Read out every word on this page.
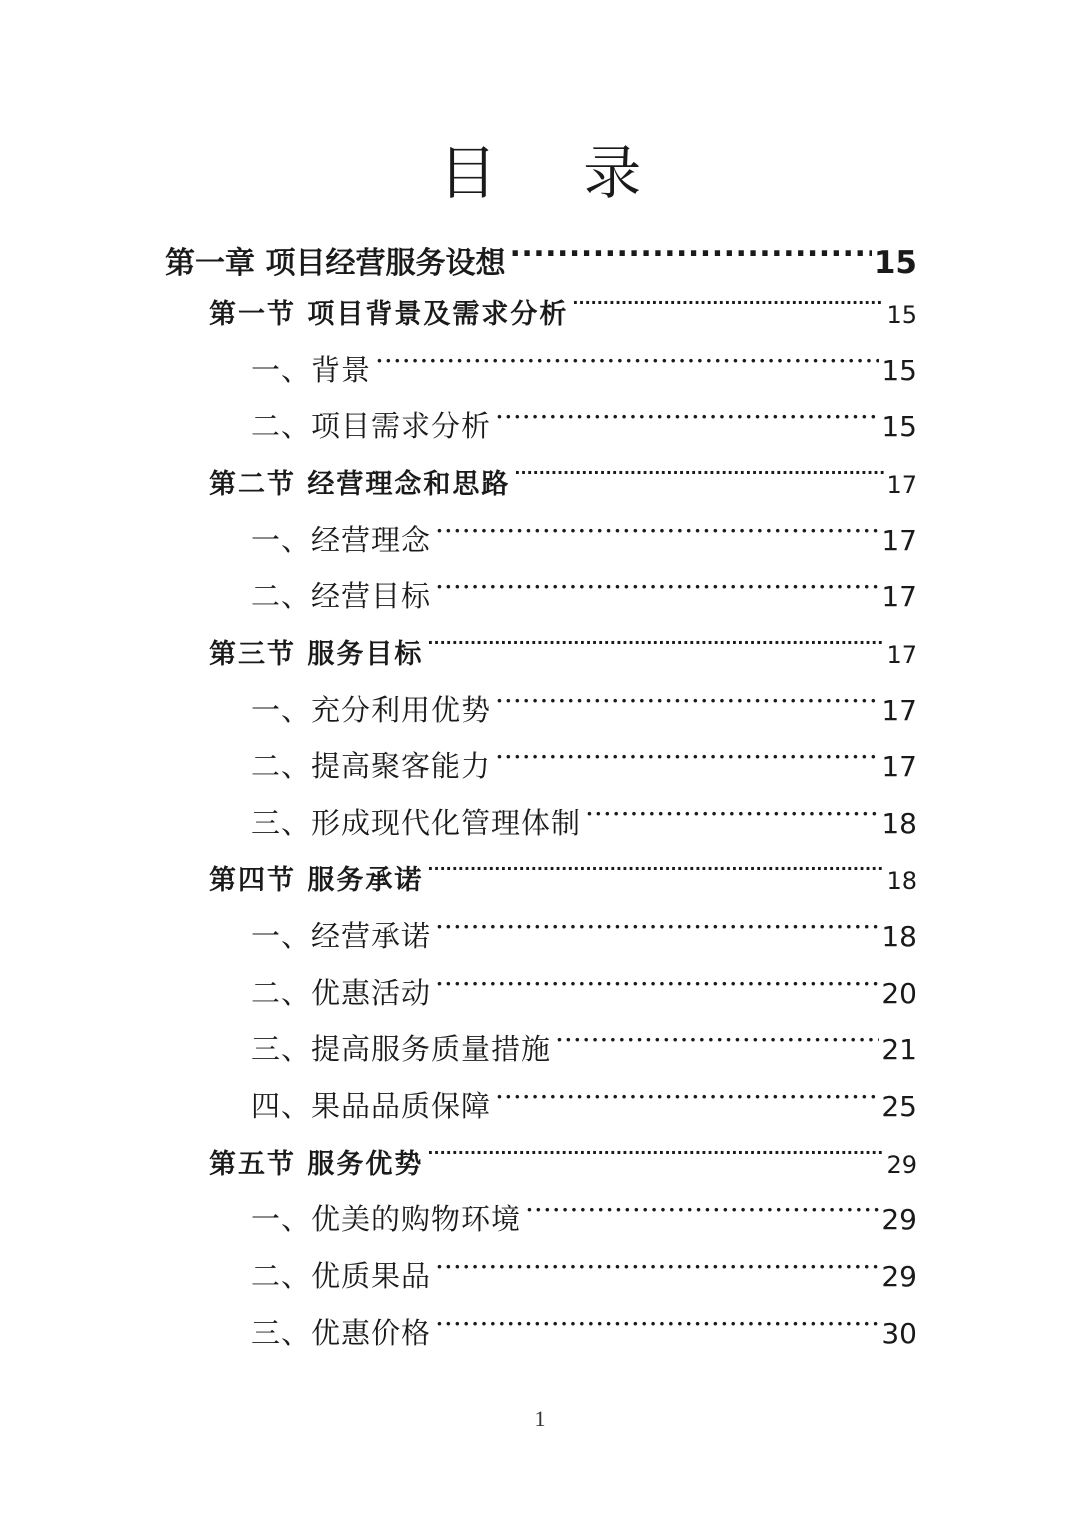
目 录
第一章 项目经营服务设想 .....	15
第一节 项目背景及需求分析 .....	15
一、背景 .....	15
二、项目需求分析 .....	15
第二节 经营理念和思路 .....	17
一、经营理念 .....	17
二、经营目标 .....	17
第三节 服务目标 .....	17
一、充分利用优势 .....	17
二、提高聚客能力 .....	17
三、形成现代化管理体制 .....	18
第四节 服务承诺 .....	18
一、经营承诺 .....	18
二、优惠活动 .....	20
三、提高服务质量措施 .....	21
四、果品品质保障 .....	25
第五节 服务优势 .....	29
一、优美的购物环境 .....	29
二、优质果品 .....	29
三、优惠价格 .....	30
1
